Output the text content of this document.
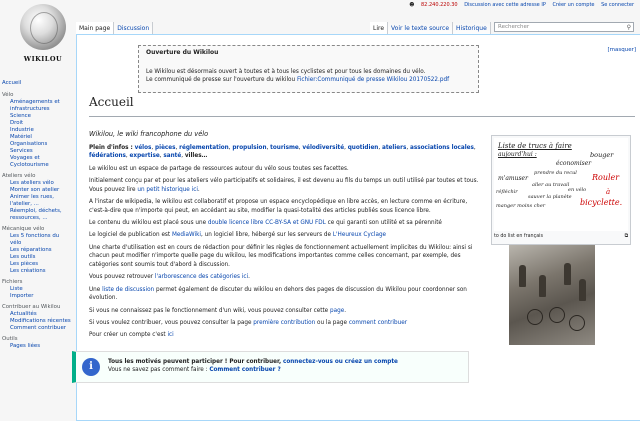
☻ 82.240.220.30 Discussion avec cette adresse IP Créer un compte Se connecter
WIKILOU
Main page	Discussion	Lire	Voir le texte source	Historique	Rechercher	⚲
Accueil
Vélo
Aménagements et infrastructures
Science
Droit
Industrie
Matériel
Organisations
Services
Voyages et Cyclotourisme
Ateliers vélo
Les ateliers vélo
Monter son atelier
Animer les rues, l'atelier, ...
Réemploi, déchets, ressources, ...
Mécanique vélo
Les 5 fonctions du vélo
Les réparations
Les outils
Les pièces
Les créations
Fichiers
Liste
Importer
Contribuer au Wikilou
Actualités
Modifications récentes
Comment contribuer
Outils
Pages liées
Ouverture du Wikilou
Le Wikilou est désormais ouvert à toutes et à tous les cyclistes et pour tous les domaines du vélo.
Le communiqué de presse sur l'ouverture du wikilou Fichier:Communiqué de presse Wikilou 20170522.pdf
[masquer]
Accueil

Wikilou, le wiki francophone du vélo

Plein d'infos : vélos, pièces, réglementation, propulsion, tourisme, vélodiversité, quotidien, ateliers, associations locales, fédérations, expertise, santé, villes…

Le wikilou est un espace de partage de ressources autour du vélo sous toutes ses facettes.

Initialement conçu par et pour les ateliers vélo participatifs et solidaires, il est devenu au fils du temps un outil utilisé par toutes et tous. Vous pouvez lire un petit historique ici.

A l'instar de wikipedia, le wikilou est collaboratif et propose un espace encyclopédique en libre accès, en lecture comme en écriture, c'est-à-dire que n'importe qui peut, en accédant au site, modifier la quasi-totalité des articles publiés sous licence libre.

Le contenu du wikilou est placé sous une double licence libre CC-BY-SA et GNU FDL ce qui garanti son utilité et sa pérennité

Le logiciel de publication est MediaWiki, un logiciel libre, hébergé sur les serveurs de L'Heureux Cyclage

Une charte d'utilisation est en cours de rédaction pour définir les règles de fonctionnement actuellement implicites du Wikilou: ainsi si chacun peut modifier n'importe quelle page du wikilou, les modifications importantes comme celles concernant, par exemple, des catégories sont soumis tout d'abord à discussion.

Vous pouvez retrouver l'arborescence des catégories ici.

Une liste de discussion permet également de discuter du wikilou en dehors des pages de discussion du Wikilou pour coordonner son évolution.

Si vous ne connaissez pas le fonctionnement d'un wiki, vous pouvez consulter cette page.

Si vous voulez contribuer, vous pouvez consulter la page première contribution ou la page comment contribuer

Pour créer un compte c'est ici

Liste de trucs à faire
aujourd'hui :	bouger
économiser
prendre du recul
m'amuser
aller au travail
Rouler
réfléchir
sauver la planète
en vélo	à
manger moins cher	bicyclette.
to do list en français	⧉
i	Tous les motivés peuvent participer ! Pour contribuer, connectez-vous ou créez un compte
Vous ne savez pas comment faire : Comment contribuer ?
